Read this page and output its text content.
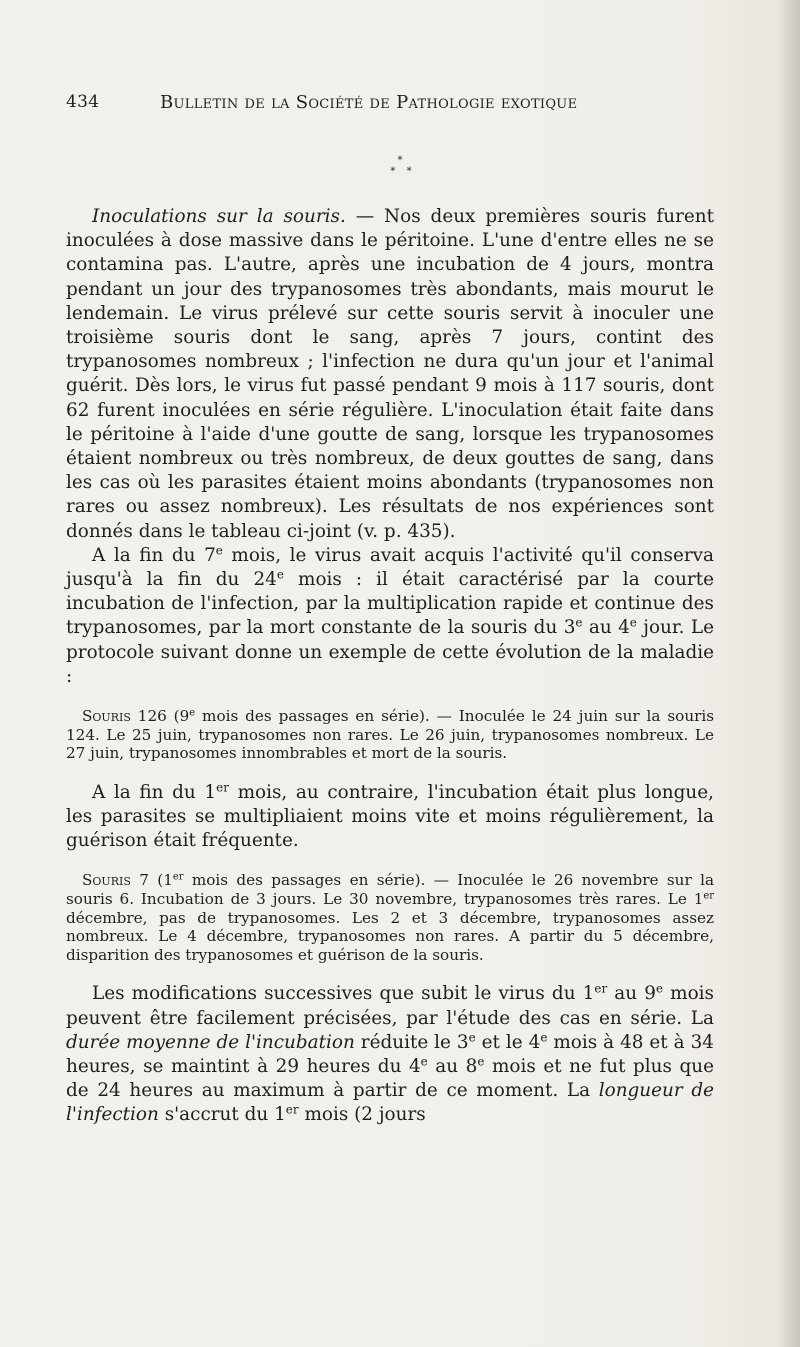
434	Bulletin de la Société de Pathologie exotique
*
* *

Inoculations sur la souris. — Nos deux premières souris furent inoculées à dose massive dans le péritoine. L'une d'entre elles ne se contamina pas. L'autre, après une incubation de 4 jours, montra pendant un jour des trypanosomes très abondants, mais mourut le lendemain. Le virus prélevé sur cette souris servit à inoculer une troisième souris dont le sang, après 7 jours, contint des trypanosomes nombreux ; l'infection ne dura qu'un jour et l'animal guérit. Dès lors, le virus fut passé pendant 9 mois à 117 souris, dont 62 furent inoculées en série régulière. L'inoculation était faite dans le péritoine à l'aide d'une goutte de sang, lorsque les trypanosomes étaient nombreux ou très nombreux, de deux gouttes de sang, dans les cas où les parasites étaient moins abondants (trypanosomes non rares ou assez nombreux). Les résultats de nos expériences sont donnés dans le tableau ci-joint (v. p. 435).

A la fin du 7e mois, le virus avait acquis l'activité qu'il conserva jusqu'à la fin du 24e mois : il était caractérisé par la courte incubation de l'infection, par la multiplication rapide et continue des trypanosomes, par la mort constante de la souris du 3e au 4e jour. Le protocole suivant donne un exemple de cette évolution de la maladie :

Souris 126 (9e mois des passages en série). — Inoculée le 24 juin sur la souris 124. Le 25 juin, trypanosomes non rares. Le 26 juin, trypanosomes nombreux. Le 27 juin, trypanosomes innombrables et mort de la souris.

A la fin du 1er mois, au contraire, l'incubation était plus longue, les parasites se multipliaient moins vite et moins régulièrement, la guérison était fréquente.

Souris 7 (1er mois des passages en série). — Inoculée le 26 novembre sur la souris 6. Incubation de 3 jours. Le 30 novembre, trypanosomes très rares. Le 1er décembre, pas de trypanosomes. Les 2 et 3 décembre, trypanosomes assez nombreux. Le 4 décembre, trypanosomes non rares. A partir du 5 décembre, disparition des trypanosomes et guérison de la souris.

Les modifications successives que subit le virus du 1er au 9e mois peuvent être facilement précisées, par l'étude des cas en série. La durée moyenne de l'incubation réduite le 3e et le 4e mois à 48 et à 34 heures, se maintint à 29 heures du 4e au 8e mois et ne fut plus que de 24 heures au maximum à partir de ce moment. La longueur de l'infection s'accrut du 1er mois (2 jours
